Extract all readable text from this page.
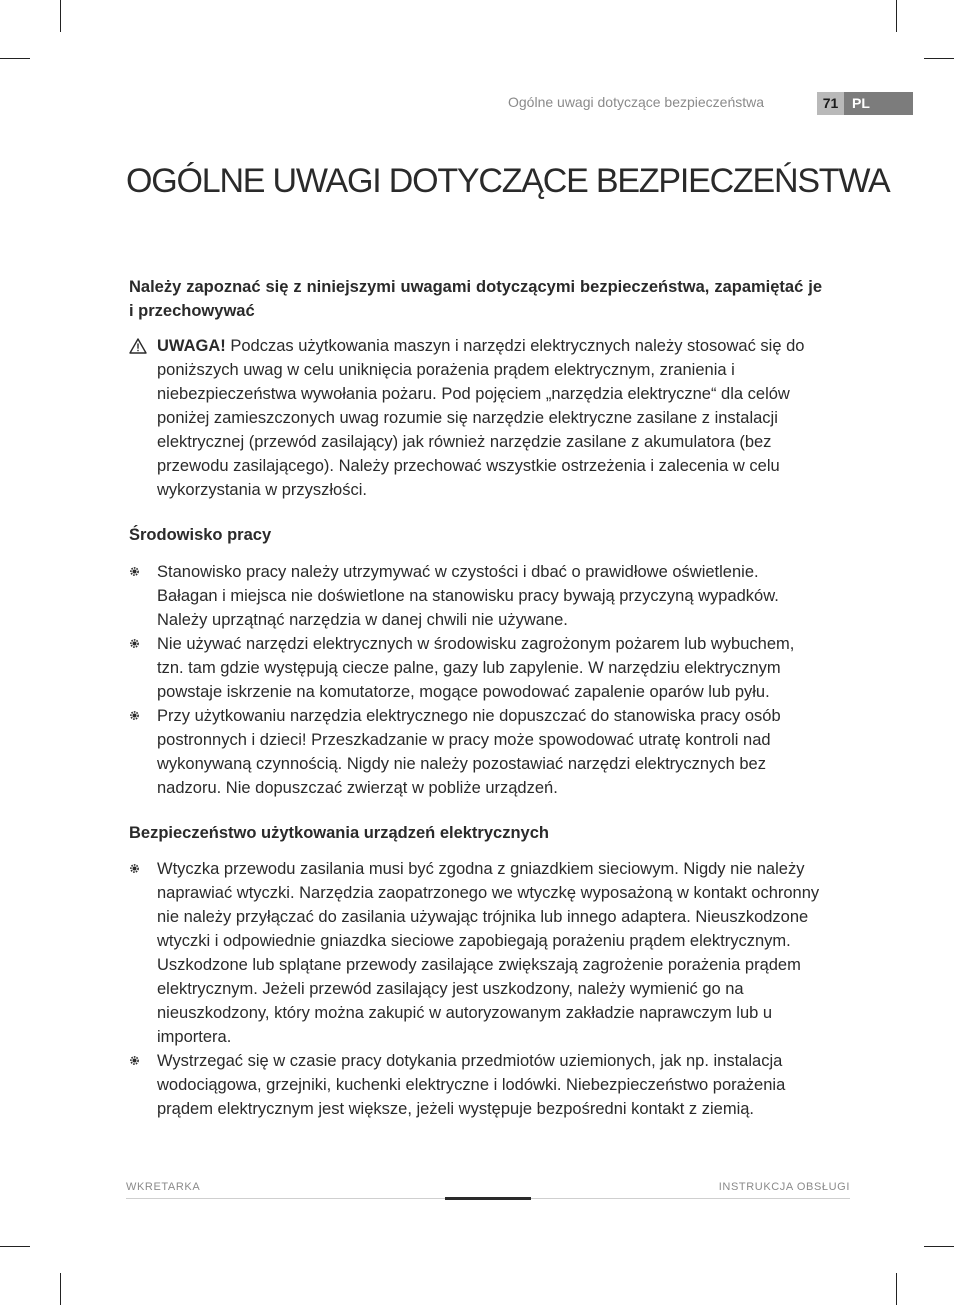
Ogólne uwagi dotyczące bezpieczeństwa	71 PL
OGÓLNE UWAGI DOTYCZĄCE BEZPIECZEŃSTWA

Należy zapoznać się z niniejszymi uwagami dotyczącymi bezpieczeństwa, zapamiętać je i przechowywać

UWAGA! Podczas użytkowania maszyn i narzędzi elektrycznych należy stosować się do poniższych uwag w celu uniknięcia porażenia prądem elektrycznym, zranienia i niebezpieczeństwa wywołania pożaru. Pod pojęciem „narzędzia elektryczne“ dla celów poniżej zamieszczonych uwag rozumie się narzędzie elektryczne zasilane z instalacji elektrycznej (przewód zasilający) jak również narzędzie zasilane z akumulatora (bez przewodu zasilającego). Należy przechować wszystkie ostrzeżenia i zalecenia w celu wykorzystania w przyszłości.

Środowisko pracy

Stanowisko pracy należy utrzymywać w czystości i dbać o prawidłowe oświetlenie. Bałagan i miejsca nie doświetlone na stanowisku pracy bywają przyczyną wypadków. Należy uprzątnąć narzędzia w danej chwili nie używane.
Nie używać narzędzi elektrycznych w środowisku zagrożonym pożarem lub wybuchem, tzn. tam gdzie występują ciecze palne, gazy lub zapylenie. W narzędziu elektrycznym powstaje iskrzenie na komutatorze, mogące powodować zapalenie oparów lub pyłu.
Przy użytkowaniu narzędzia elektrycznego nie dopuszczać do stanowiska pracy osób postronnych i dzieci! Przeszkadzanie w pracy może spowodować utratę kontroli nad wykonywaną czynnością. Nigdy nie należy pozostawiać narzędzi elektrycznych bez nadzoru. Nie dopuszczać zwierząt w pobliże urządzeń.

Bezpieczeństwo użytkowania urządzeń elektrycznych

Wtyczka przewodu zasilania musi być zgodna z gniazdkiem sieciowym. Nigdy nie należy naprawiać wtyczki. Narzędzia zaopatrzonego we wtyczkę wyposażoną w kontakt ochronny nie należy przyłączać do zasilania używając trójnika lub innego adaptera. Nieuszkodzone wtyczki i odpowiednie gniazdka sieciowe zapobiegają porażeniu prądem elektrycznym. Uszkodzone lub splątane przewody zasilające zwiększają zagrożenie porażenia prądem elektrycznym. Jeżeli przewód zasilający jest uszkodzony, należy wymienić go na nieuszkodzony, który można zakupić w autoryzowanym zakładzie naprawczym lub u importera.
Wystrzegać się w czasie pracy dotykania przedmiotów uziemionych, jak np. instalacja wodociągowa, grzejniki, kuchenki elektryczne i lodówki. Niebezpieczeństwo porażenia prądem elektrycznym jest większe, jeżeli występuje bezpośredni kontakt z ziemią.
WKRETARKA	INSTRUKCJA OBSŁUGI
